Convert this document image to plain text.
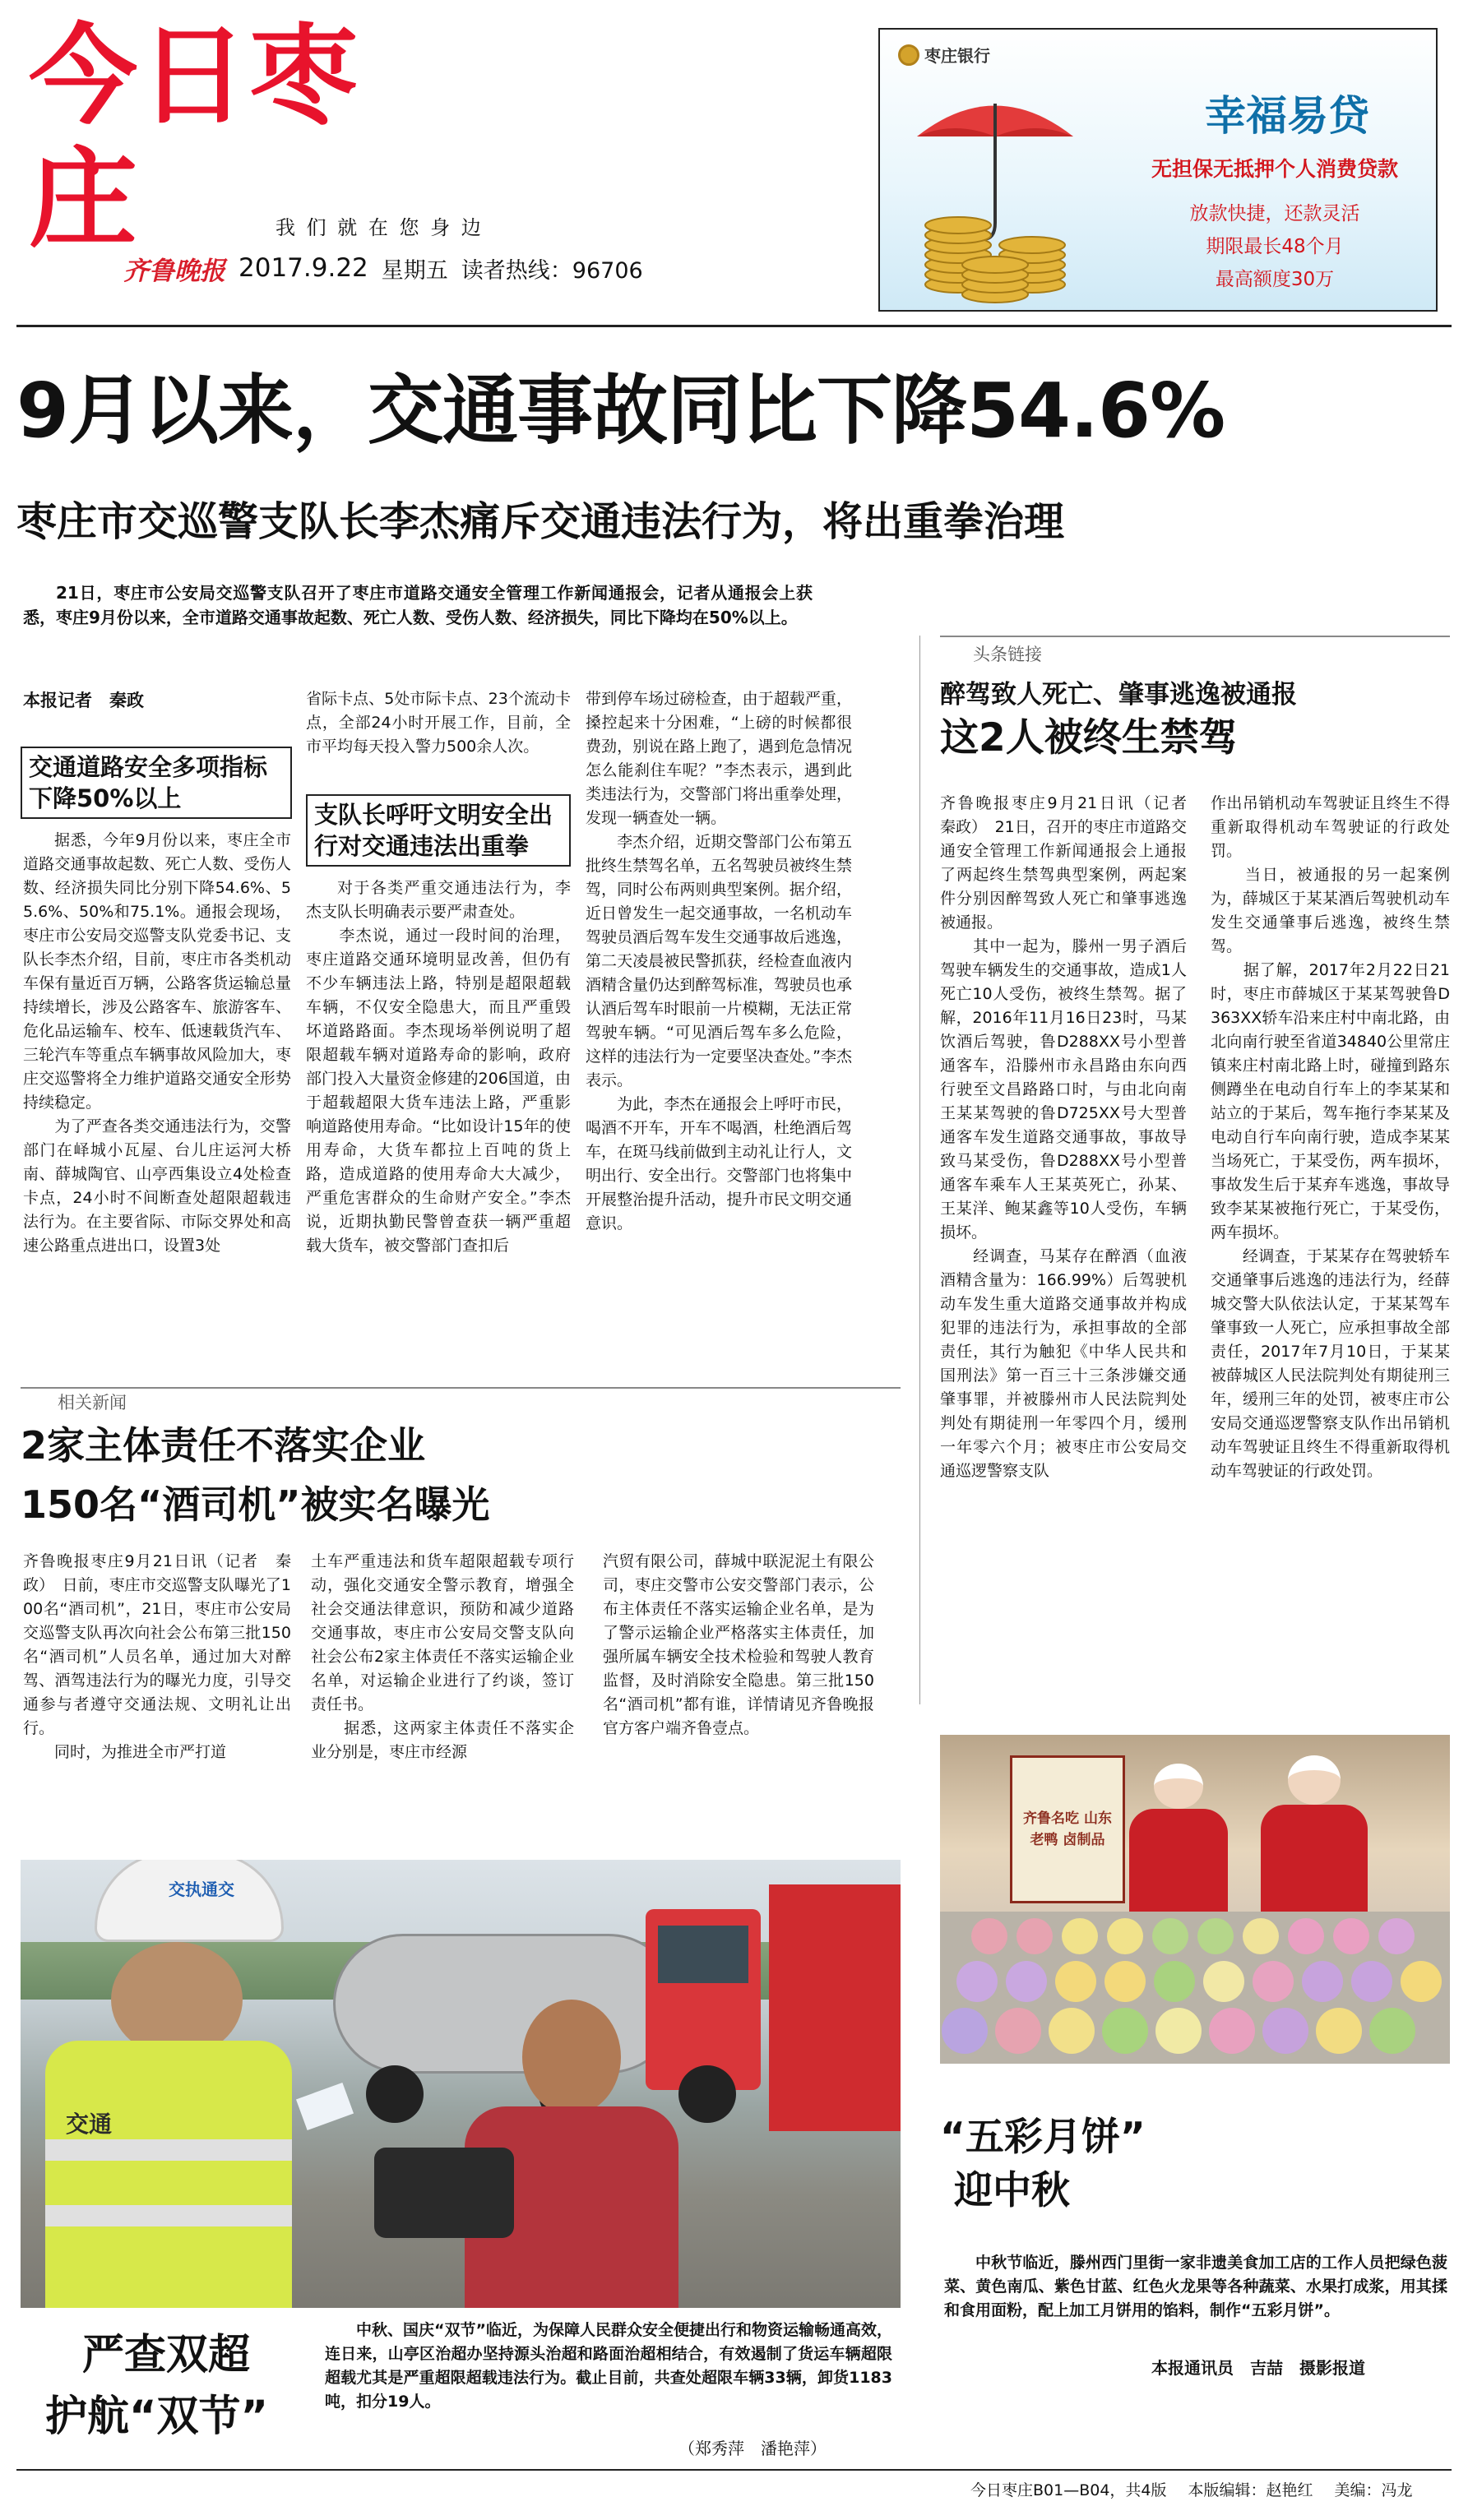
今日枣庄	我 们 就 在 您 身 边
齐鲁晚报 2017.9.22 星期五 读者热线：96706
枣庄银行
幸福易贷
无担保无抵押个人消费贷款
放款快捷，还款灵活
期限最长48个月
最高额度30万
9月以来，交通事故同比下降54.6%
枣庄市交巡警支队长李杰痛斥交通违法行为，将出重拳治理
21日，枣庄市公安局交巡警支队召开了枣庄市道路交通安全管理工作新闻通报会，记者从通报会上获悉，枣庄9月份以来，全市道路交通事故起数、死亡人数、受伤人数、经济损失，同比下降均在50%以上。
本报记者　秦政
交通道路安全多项指标下降50%以上
据悉，今年9月份以来，枣庄全市道路交通事故起数、死亡人数、受伤人数、经济损失同比分别下降54.6%、55.6%、50%和75.1%。通报会现场，枣庄市公安局交巡警支队党委书记、支队长李杰介绍，目前，枣庄市各类机动车保有量近百万辆，公路客货运输总量持续增长，涉及公路客车、旅游客车、危化品运输车、校车、低速载货汽车、三轮汽车等重点车辆事故风险加大，枣庄交巡警将全力维护道路交通安全形势持续稳定。
　　为了严查各类交通违法行为，交警部门在峄城小瓦屋、台儿庄运河大桥南、薛城陶官、山亭西集设立4处检查卡点，24小时不间断查处超限超载违法行为。在主要省际、市际交界处和高速公路重点进出口，设置3处
省际卡点、5处市际卡点、23个流动卡点，全部24小时开展工作，目前，全市平均每天投入警力500余人次。
支队长呼吁文明安全出行对交通违法出重拳
对于各类严重交通违法行为，李杰支队长明确表示要严肃查处。
　　李杰说，通过一段时间的治理，枣庄道路交通环境明显改善，但仍有不少车辆违法上路，特别是超限超载车辆，不仅安全隐患大，而且严重毁坏道路路面。李杰现场举例说明了超限超载车辆对道路寿命的影响，政府部门投入大量资金修建的206国道，由于超载超限大货车违法上路，严重影响道路使用寿命。“比如设计15年的使用寿命，大货车都拉上百吨的货上路，造成道路的使用寿命大大减少，严重危害群众的生命财产安全。”李杰说，近期执勤民警曾查获一辆严重超载大货车，被交警部门查扣后
带到停车场过磅检查，由于超载严重，搡控起来十分困难，“上磅的时候都很费劲，别说在路上跑了，遇到危急情况怎么能刹住车呢？”李杰表示，遇到此类违法行为，交警部门将出重拳处理，发现一辆查处一辆。
　　李杰介绍，近期交警部门公布第五批终生禁驾名单，五名驾驶员被终生禁驾，同时公布两则典型案例。据介绍，近日曾发生一起交通事故，一名机动车驾驶员酒后驾车发生交通事故后逃逸，第二天凌晨被民警抓获，经检查血液内酒精含量仍达到醉驾标准，驾驶员也承认酒后驾车时眼前一片模糊，无法正常驾驶车辆。“可见酒后驾车多么危险，这样的违法行为一定要坚决查处。”李杰表示。
　　为此，李杰在通报会上呼吁市民，喝酒不开车，开车不喝酒，杜绝酒后驾车，在斑马线前做到主动礼让行人，文明出行、安全出行。交警部门也将集中开展整治提升活动，提升市民文明交通意识。
头条链接
醉驾致人死亡、肇事逃逸被通报
这2人被终生禁驾
齐鲁晚报枣庄9月21日讯（记者　秦政）　21日，召开的枣庄市道路交通安全管理工作新闻通报会上通报了两起终生禁驾典型案例，两起案件分别因醉驾致人死亡和肇事逃逸被通报。
　　其中一起为，滕州一男子酒后驾驶车辆发生的交通事故，造成1人死亡10人受伤，被终生禁驾。据了解，2016年11月16日23时，马某饮酒后驾驶，鲁D288XX号小型普通客车，沿滕州市永昌路由东向西行驶至文昌路路口时，与由北向南王某某驾驶的鲁D725XX号大型普通客车发生道路交通事故，事故导致马某受伤，鲁D288XX号小型普通客车乘车人王某英死亡，孙某、王某洋、鲍某鑫等10人受伤，车辆损坏。
　　经调查，马某存在醉酒（血液酒精含量为：166.99%）后驾驶机动车发生重大道路交通事故并构成犯罪的违法行为，承担事故的全部责任，其行为触犯《中华人民共和国刑法》第一百三十三条涉嫌交通肇事罪，并被滕州市人民法院判处判处有期徒刑一年零四个月，缓刑一年零六个月；被枣庄市公安局交通巡逻警察支队
作出吊销机动车驾驶证且终生不得重新取得机动车驾驶证的行政处罚。
　　当日，被通报的另一起案例为，薛城区于某某酒后驾驶机动车发生交通肇事后逃逸，被终生禁驾。
　　据了解，2017年2月22日21时，枣庄市薛城区于某某驾驶鲁D363XX轿车沿来庄村中南北路，由北向南行驶至省道34840公里常庄镇来庄村南北路上时，碰撞到路东侧蹲坐在电动自行车上的李某某和站立的于某后，驾车拖行李某某及电动自行车向南行驶，造成李某某当场死亡，于某受伤，两车损坏，事故发生后于某弃车逃逸，事故导致李某某被拖行死亡，于某受伤，两车损坏。
　　经调查，于某某存在驾驶轿车交通肇事后逃逸的违法行为，经薛城交警大队依法认定，于某某驾车肇事致一人死亡，应承担事故全部责任，2017年7月10日，于某某被薛城区人民法院判处有期徒刑三年，缓刑三年的处罚，被枣庄市公安局交通巡逻警察支队作出吊销机动车驾驶证且终生不得重新取得机动车驾驶证的行政处罚。
相关新闻
2家主体责任不落实企业
150名“酒司机”被实名曝光
齐鲁晚报枣庄9月21日讯（记者　秦政）　日前，枣庄市交巡警支队曝光了100名“酒司机”，21日，枣庄市公安局交巡警支队再次向社会公布第三批150名“酒司机”人员名单，通过加大对醉驾、酒驾违法行为的曝光力度，引导交通参与者遵守交通法规、文明礼让出行。
　　同时，为推进全市严打道
土车严重违法和货车超限超载专项行动，强化交通安全警示教育，增强全社会交通法律意识，预防和减少道路交通事故，枣庄市公安局交警支队向社会公布2家主体责任不落实运输企业名单，对运输企业进行了约谈，签订责任书。
　　据悉，这两家主体责任不落实企业分别是，枣庄市经源
汽贸有限公司，薛城中联泥泥土有限公司，枣庄交警市公安交警部门表示，公布主体责任不落实运输企业名单，是为了警示运输企业严格落实主体责任，加强所属车辆安全技术检验和驾驶人教育监督，及时消除安全隐患。第三批150名“酒司机”都有谁，详情请见齐鲁晚报官方客户端齐鲁壹点。
齐鲁名吃 山东老鸭 卤制品
“五彩月饼”
迎中秋
中秋节临近，滕州西门里街一家非遗美食加工店的工作人员把绿色菠菜、黄色南瓜、紫色甘蓝、红色火龙果等各种蔬菜、水果打成浆，用其揉和食用面粉，配上加工月饼用的馅料，制作“五彩月饼”。
本报通讯员　吉喆　摄影报道
交执通交
交通
严查双超
护航“双节”
中秋、国庆“双节”临近，为保障人民群众安全便捷出行和物资运输畅通高效，连日来，山亭区治超办坚持源头治超和路面治超相结合，有效遏制了货运车辆超限超载尤其是严重超限超载违法行为。截止目前，共查处超限车辆33辆，卸货1183吨，扣分19人。
（郑秀萍　潘艳萍）
今日枣庄B01—B04，共4版 本版编辑：赵艳红 美编：冯龙
